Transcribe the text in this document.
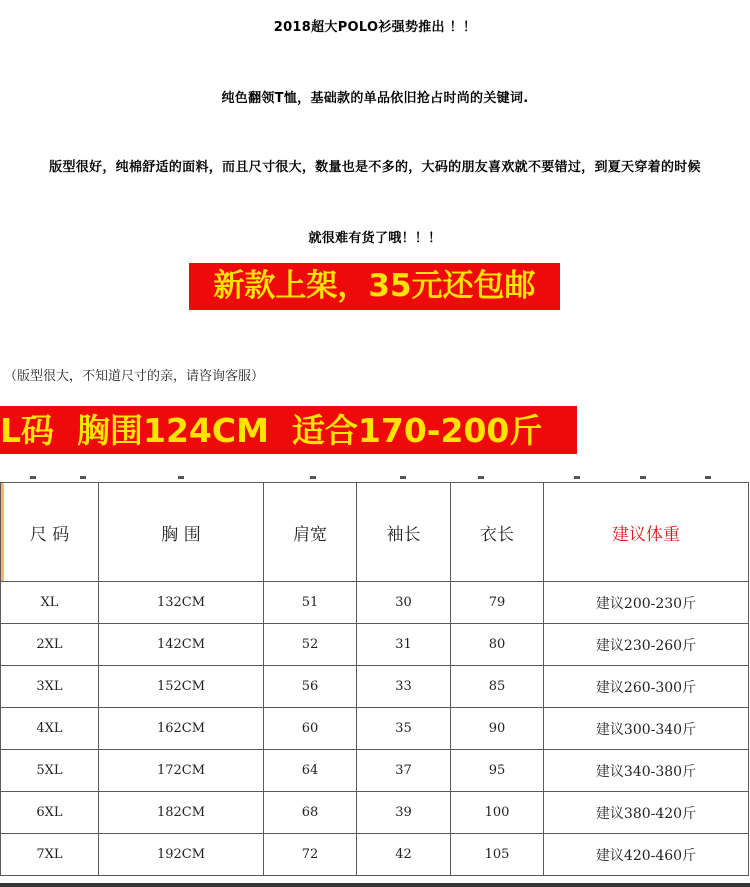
2018超大POLO衫强势推出 ！！
纯色翻领T恤，基础款的单品依旧抢占时尚的关键词.
版型很好，纯棉舒适的面料，而且尺寸很大，数量也是不多的，大码的朋友喜欢就不要错过，到夏天穿着的时候
就很难有货了哦！！！
新款上架，35元还包邮
（版型很大，不知道尺寸的亲，请咨询客服）
L码  胸围124CM  适合170-200斤
尺 码	胸 围	肩宽	袖长	衣长	建议体重
XL	132CM	51	30	79	建议200-230斤
2XL	142CM	52	31	80	建议230-260斤
3XL	152CM	56	33	85	建议260-300斤
4XL	162CM	60	35	90	建议300-340斤
5XL	172CM	64	37	95	建议340-380斤
6XL	182CM	68	39	100	建议380-420斤
7XL	192CM	72	42	105	建议420-460斤
